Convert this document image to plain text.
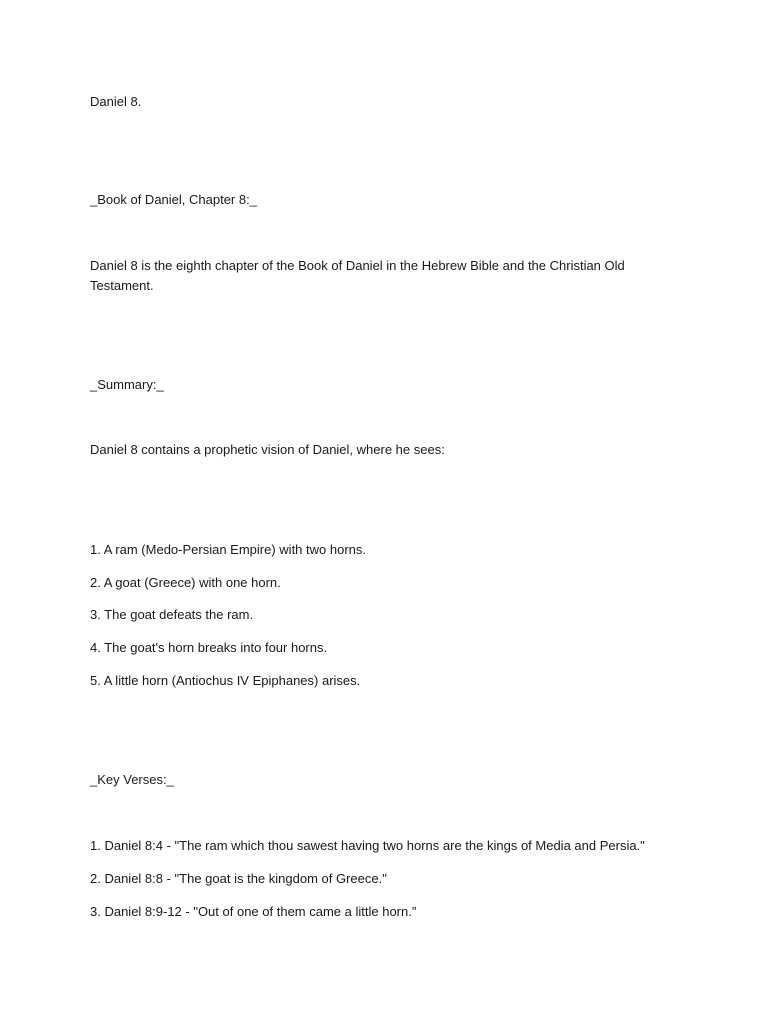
Daniel 8.
_Book of Daniel, Chapter 8:_
Daniel 8 is the eighth chapter of the Book of Daniel in the Hebrew Bible and the Christian Old Testament.
_Summary:_
Daniel 8 contains a prophetic vision of Daniel, where he sees:
1. A ram (Medo-Persian Empire) with two horns.
2. A goat (Greece) with one horn.
3. The goat defeats the ram.
4. The goat's horn breaks into four horns.
5. A little horn (Antiochus IV Epiphanes) arises.
_Key Verses:_
1. Daniel 8:4 - "The ram which thou sawest having two horns are the kings of Media and Persia."
2. Daniel 8:8 - "The goat is the kingdom of Greece."
3. Daniel 8:9-12 - "Out of one of them came a little horn."
